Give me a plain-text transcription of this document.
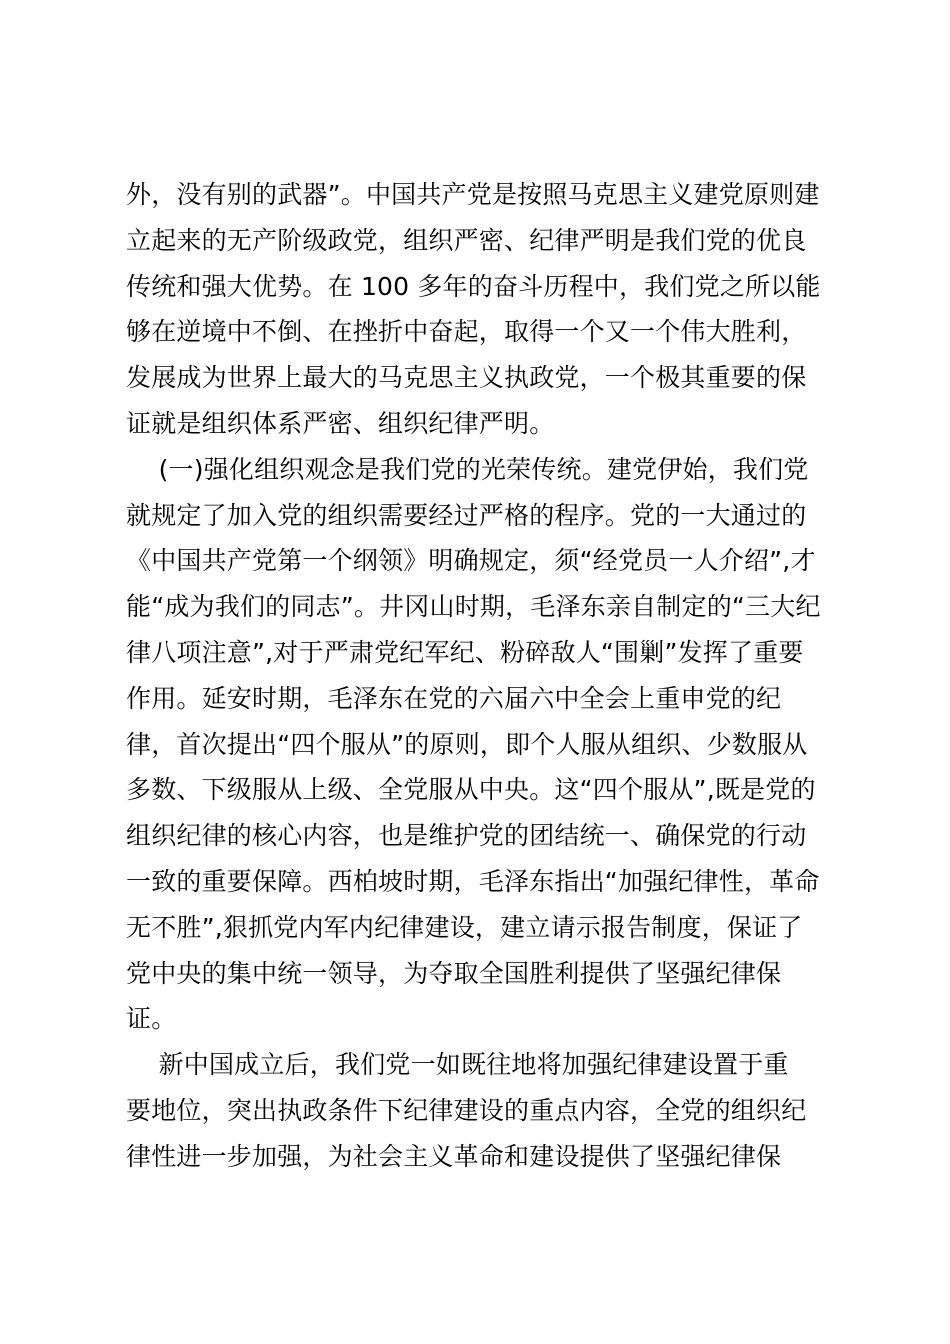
外，没有别的武器”。中国共产党是按照马克思主义建党原则建
立起来的无产阶级政党，组织严密、纪律严明是我们党的优良
传统和强大优势。在 100 多年的奋斗历程中，我们党之所以能
够在逆境中不倒、在挫折中奋起，取得一个又一个伟大胜利，
发展成为世界上最大的马克思主义执政党，一个极其重要的保
证就是组织体系严密、组织纪律严明。
(一)强化组织观念是我们党的光荣传统。建党伊始，我们党
就规定了加入党的组织需要经过严格的程序。党的一大通过的
《中国共产党第一个纲领》明确规定，须“经党员一人介绍”,才
能“成为我们的同志”。井冈山时期，毛泽东亲自制定的“三大纪
律八项注意”,对于严肃党纪军纪、粉碎敌人“围剿”发挥了重要
作用。延安时期，毛泽东在党的六届六中全会上重申党的纪
律，首次提出“四个服从”的原则，即个人服从组织、少数服从
多数、下级服从上级、全党服从中央。这“四个服从”,既是党的
组织纪律的核心内容，也是维护党的团结统一、确保党的行动
一致的重要保障。西柏坡时期，毛泽东指出“加强纪律性，革命
无不胜”,狠抓党内军内纪律建设，建立请示报告制度，保证了
党中央的集中统一领导，为夺取全国胜利提供了坚强纪律保
证。
新中国成立后，我们党一如既往地将加强纪律建设置于重
要地位，突出执政条件下纪律建设的重点内容，全党的组织纪
律性进一步加强，为社会主义革命和建设提供了坚强纪律保
